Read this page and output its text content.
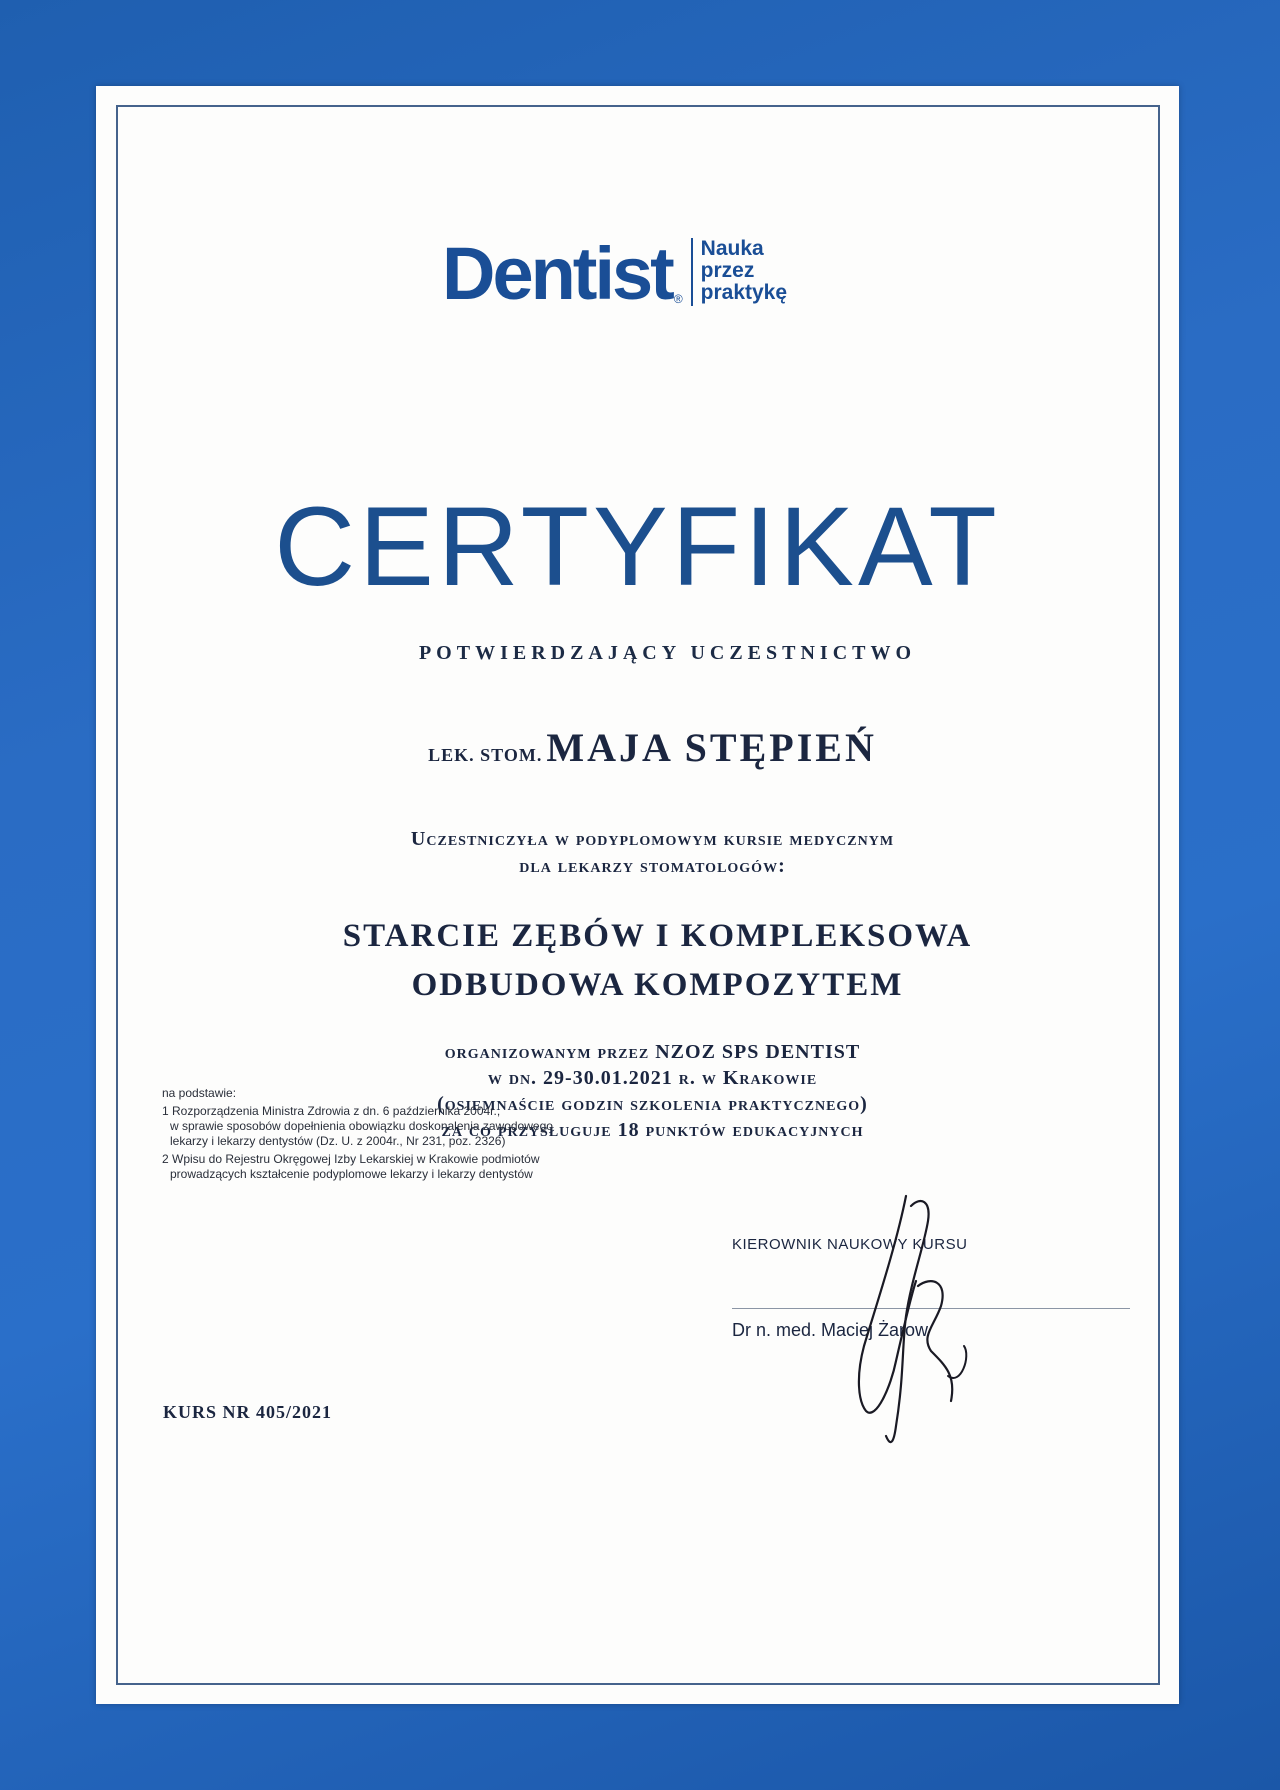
Dentist ®
Nauka
przez
praktykę
CERTYFIKAT
POTWIERDZAJĄCY UCZESTNICTWO
LEK. STOM. MAJA STĘPIEŃ
Uczestniczyła w podyplomowym kursie medycznym
dla lekarzy stomatologów:
STARCIE ZĘBÓW I KOMPLEKSOWA
ODBUDOWA KOMPOZYTEM
organizowanym przez NZOZ SPS DENTIST
w dn. 29-30.01.2021 r. w Krakowie
(osiemnaście godzin szkolenia praktycznego)
za co przysługuje 18 punktów edukacyjnych
na podstawie:
1 Rozporządzenia Ministra Zdrowia z dn. 6 października 2004r.,
w sprawie sposobów dopełnienia obowiązku doskonalenia zawodowego
lekarzy i lekarzy dentystów (Dz. U. z 2004r., Nr 231, poz. 2326)
2 Wpisu do Rejestru Okręgowej Izby Lekarskiej w Krakowie podmiotów
prowadzących kształcenie podyplomowe lekarzy i lekarzy dentystów
KIEROWNIK NAUKOWY KURSU
Dr n. med. Maciej Żarow
KURS NR 405/2021
